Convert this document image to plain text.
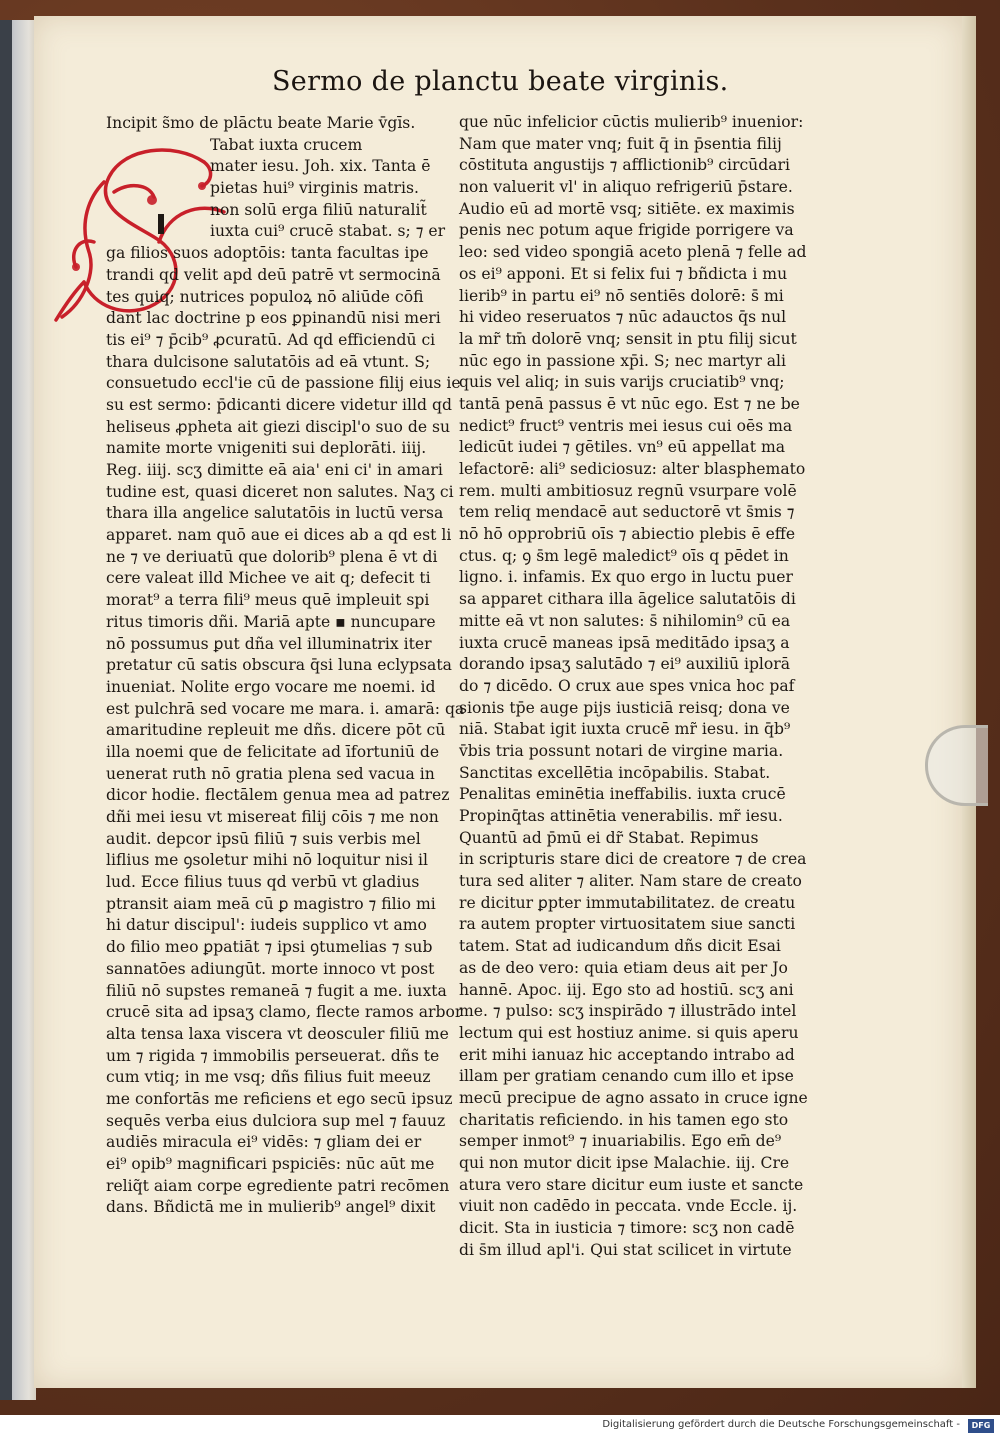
Sermo de planctu beate virginis.
Incipit s̃mo de plāctu beate Marie v̄gīs.
Tabat iuxta crucem
mater iesu. Joh. xix. Tanta ē
pietas hui⁹ virginis matris.
non solū erga filiū naturalit̃
iuxta cui⁹ crucē stabat. s; ⁊ er
ga filios suos adoptōis: tanta facultas ipe
trandi qd velit apd deū patrē vt sermocinā
tes quiq; nutrices populoꝝ nō aliūde cōfi
dant lac doctrine p eos ꝑpinandū nisi meri
tis ei⁹ ⁊ p̄cib⁹ ꝓcuratū. Ad qd efficiendū ci
thara dulcisone salutatōis ad eā vtunt. S;
consuetudo eccl'ie cū de passione filij eius ie
su est sermo: p̄dicanti dicere videtur illd qd
heliseus ꝓpheta ait giezi discipl'o suo de su
namite morte vnigeniti sui deplorāti. iiij.
Reg. iiij. scʒ dimitte eā aia' eni ci' in amari
tudine est, quasi diceret non salutes. Naʒ ci
thara illa angelice salutatōis in luctū versa
apparet. nam quō aue ei dices ab a qd est li
ne ⁊ ve deriuatū que dolorib⁹ plena ē vt di
cere valeat illd Michee ve ait q; defecit ti
morat⁹ a terra fili⁹ meus quē impleuit spi
ritus timoris dñi. Mariā apte ▪ nuncupare
nō possumus ꝑut dña vel illuminatrix iter
pretatur cū satis obscura q̄si luna eclypsata
inueniat. Nolite ergo vocare me noemi. id
est pulchrā sed vocare me mara. i. amarā: qa
amaritudine repleuit me dñs. dicere pōt cū
illa noemi que de felicitate ad īfortuniū de
uenerat ruth nō gratia plena sed vacua in
dicor hodie. flectālem genua mea ad patrez
dñi mei iesu vt misereat filij cōis ⁊ me non
audit. depcor ipsū filiū ⁊ suis verbis mel
liflius me ꝯsoletur mihi nō loquitur nisi il
lud. Ecce filius tuus qd verbū vt gladius
ptransit aiam meā cū ꝑ magistro ⁊ filio mi
hi datur discipul': iudeis supplico vt amo
do filio meo ꝑpatiāt ⁊ ipsi ꝯtumelias ⁊ sub
sannatōes adiungūt. morte innoco vt post
filiū nō supstes remaneā ⁊ fugit a me. iuxta
crucē sita ad ipsaʒ clamo, flecte ramos arbor
alta tensa laxa viscera vt deosculer filiū me
um ⁊ rigida ⁊ immobilis perseuerat. dñs te
cum vtiq; in me vsq; dñs filius fuit meeuz
me confortās me reficiens et ego secū ipsuz
sequēs verba eius dulciora sup mel ⁊ fauuz
audiēs miracula ei⁹ vidēs: ⁊ gliam dei er
ei⁹ opib⁹ magnificari pspiciēs: nūc aūt me
reliq̃t aiam corpe egrediente patri recōmen
dans. Bñdictā me in mulierib⁹ angel⁹ dixit
que nūc infelicior cūctis mulierib⁹ inuenior:
Nam que mater vnq; fuit q̄ in p̄sentia filij
cōstituta angustijs ⁊ afflictionib⁹ circūdari
non valuerit vl' in aliquo refrigeriū p̄stare.
Audio eū ad mortē vsq; sitiēte. ex maximis
penis nec potum aque frigide porrigere va
leo: sed video spongiā aceto plenā ⁊ felle ad
os ei⁹ apponi. Et si felix fui ⁊ bñdicta i mu
lierib⁹ in partu ei⁹ nō sentiēs dolorē: s̄ mi
hi video reseruatos ⁊ nūc adauctos q̄s nul
la mr̃ tm̄ dolorē vnq; sensit in ptu filij sicut
nūc ego in passione xp̄i. S; nec martyr ali
quis vel aliq; in suis varijs cruciatib⁹ vnq;
tantā penā passus ē vt nūc ego. Est ⁊ ne be
nedict⁹ fruct⁹ ventris mei iesus cui oēs ma
ledicūt iudei ⁊ gētiles. vn⁹ eū appellat ma
lefactorē: ali⁹ sediciosuz: alter blasphemato
rem. multi ambitiosuz regnū vsurpare volē
tem reliq mendacē aut seductorē vt s̄mis ⁊
nō hō opprobriū oīs ⁊ abiectio plebis ē effe
ctus. q; ꝯ s̄m legē maledict⁹ oīs q pēdet in
ligno. i. infamis. Ex quo ergo in luctu puer
sa apparet cithara illa āgelice salutatōis di
mitte eā vt non salutes: s̄ nihilomin⁹ cū ea
iuxta crucē maneas ipsā meditādo ipsaʒ a
dorando ipsaʒ salutādo ⁊ ei⁹ auxiliū iplorā
do ⁊ dicēdo. O crux aue spes vnica hoc paf
sionis tp̄e auge pijs iusticiā reisq; dona ve
niā. Stabat igit iuxta crucē mr̃ iesu. in q̄b⁹
v̄bis tria possunt notari de virgine maria.
Sanctitas excellētia incōpabilis. Stabat.
Penalitas eminētia ineffabilis. iuxta crucē
Propinq̄tas attinētia venerabilis. mr̃ iesu.
Quantū ad p̄mū ei dr̃ Stabat. Repimus
in scripturis stare dici de creatore ⁊ de crea
tura sed aliter ⁊ aliter. Nam stare de creato
re dicitur ꝑpter immutabilitatez. de creatu
ra autem propter virtuositatem siue sancti
tatem. Stat ad iudicandum dñs dicit Esai
as de deo vero: quia etiam deus ait per Jo
hannē. Apoc. iij. Ego sto ad hostiū. scʒ ani
me. ⁊ pulso: scʒ inspirādo ⁊ illustrādo intel
lectum qui est hostiuz anime. si quis aperu
erit mihi ianuaz hic acceptando intrabo ad
illam per gratiam cenando cum illo et ipse
mecū precipue de agno assato in cruce igne
charitatis reficiendo. in his tamen ego sto
semper inmot⁹ ⁊ inuariabilis. Ego em̄ de⁹
qui non mutor dicit ipse Malachie. iij. Cre
atura vero stare dicitur eum iuste et sancte
viuit non cadēdo in peccata. vnde Eccle. ij.
dicit. Sta in iusticia ⁊ timore: scʒ non cadē
di s̄m illud apl'i. Qui stat scilicet in virtute
Digitalisierung gefördert durch die Deutsche Forschungsgemeinschaft -	DFG
